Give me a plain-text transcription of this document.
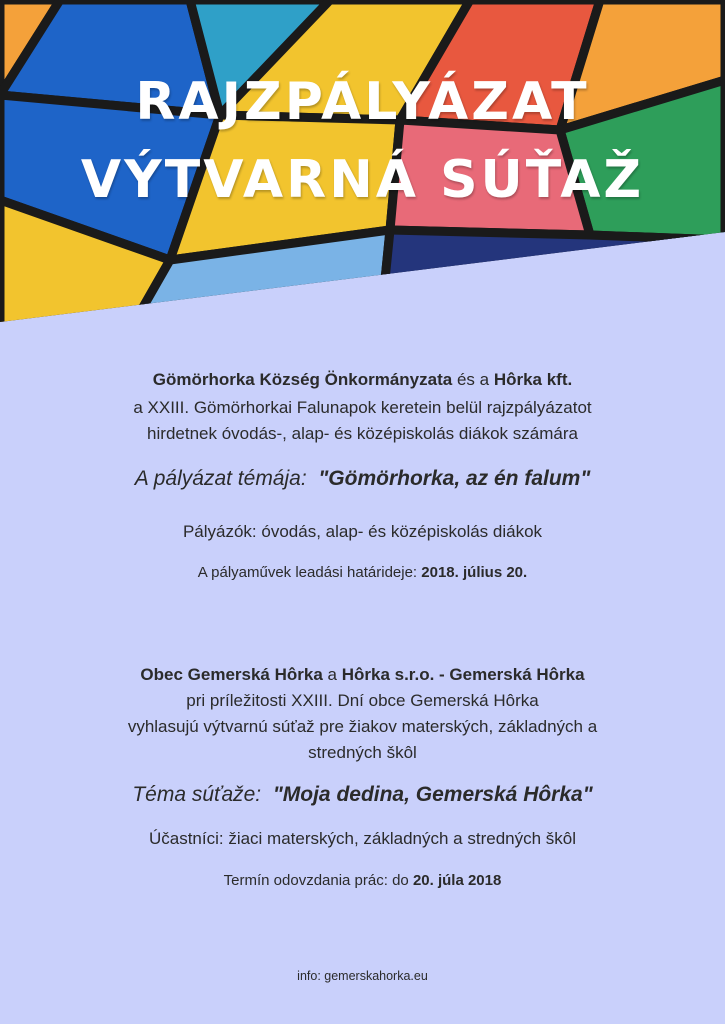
RAJZPÁLYÁZAT
VÝTVARNÁ SÚŤAŽ
Gömörhorka Község Önkormányzata és a Hôrka kft.
a XXIII. Gömörhorkai Falunapok keretein belül rajzpályázatot
hirdetnek óvodás-, alap- és középiskolás diákok számára
A pályázat témája: "Gömörhorka, az én falum"
Pályázók: óvodás, alap- és középiskolás diákok
A pályaművek leadási határideje: 2018. július 20.
Obec Gemerská Hôrka a Hôrka s.r.o. - Gemerská Hôrka
pri príležitosti XXIII. Dní obce Gemerská Hôrka
vyhlasujú výtvarnú súťaž pre žiakov materských, základných a
stredných škôl
Téma súťaže: "Moja dedina, Gemerská Hôrka"
Účastníci: žiaci materských, základných a stredných škôl
Termín odovzdania prác: do 20. júla 2018
info: gemerskahorka.eu
